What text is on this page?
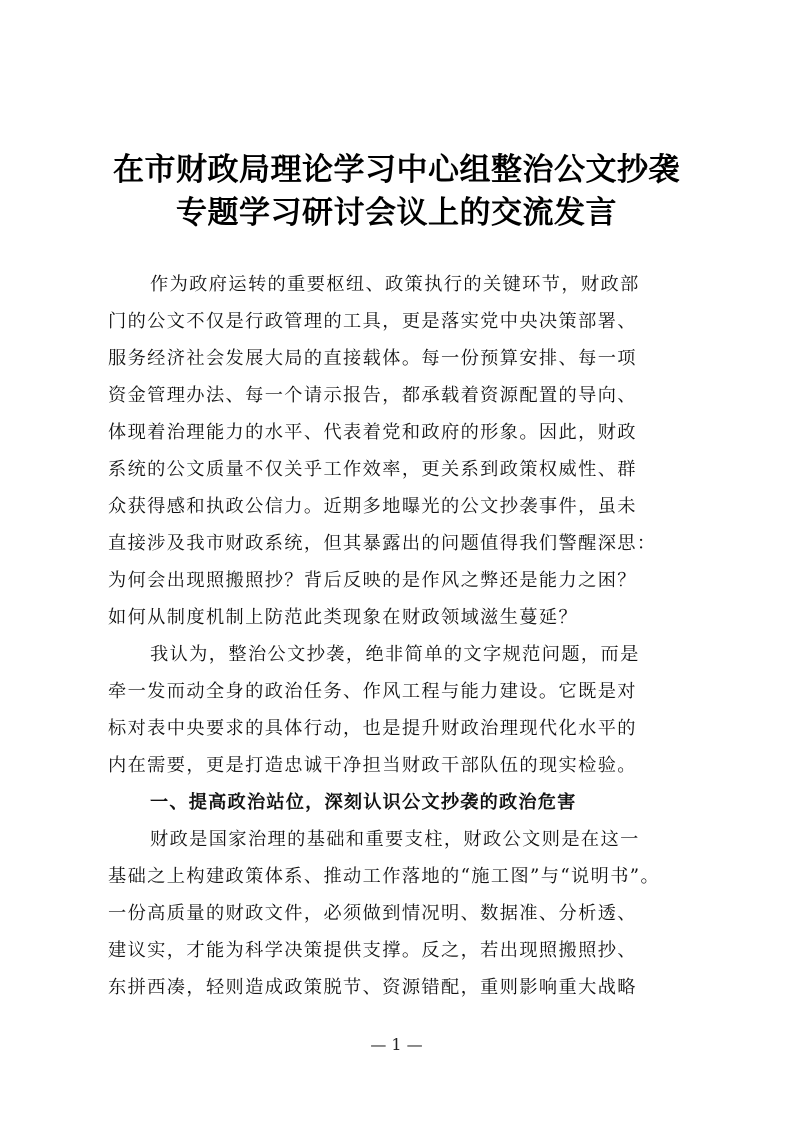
在市财政局理论学习中心组整治公文抄袭
专题学习研讨会议上的交流发言

作为政府运转的重要枢纽、政策执行的关键环节，财政部

门的公文不仅是行政管理的工具，更是落实党中央决策部署、

服务经济社会发展大局的直接载体。每一份预算安排、每一项

资金管理办法、每一个请示报告，都承载着资源配置的导向、

体现着治理能力的水平、代表着党和政府的形象。因此，财政

系统的公文质量不仅关乎工作效率，更关系到政策权威性、群

众获得感和执政公信力。近期多地曝光的公文抄袭事件，虽未

直接涉及我市财政系统，但其暴露出的问题值得我们警醒深思：

为何会出现照搬照抄？背后反映的是作风之弊还是能力之困？

如何从制度机制上防范此类现象在财政领域滋生蔓延？

我认为，整治公文抄袭，绝非简单的文字规范问题，而是

牵一发而动全身的政治任务、作风工程与能力建设。它既是对

标对表中央要求的具体行动，也是提升财政治理现代化水平的

内在需要，更是打造忠诚干净担当财政干部队伍的现实检验。

一、提高政治站位，深刻认识公文抄袭的政治危害

财政是国家治理的基础和重要支柱，财政公文则是在这一

基础之上构建政策体系、推动工作落地的“施工图”与“说明书”。

一份高质量的财政文件，必须做到情况明、数据准、分析透、

建议实，才能为科学决策提供支撑。反之，若出现照搬照抄、

东拼西凑，轻则造成政策脱节、资源错配，重则影响重大战略

— 1 —
